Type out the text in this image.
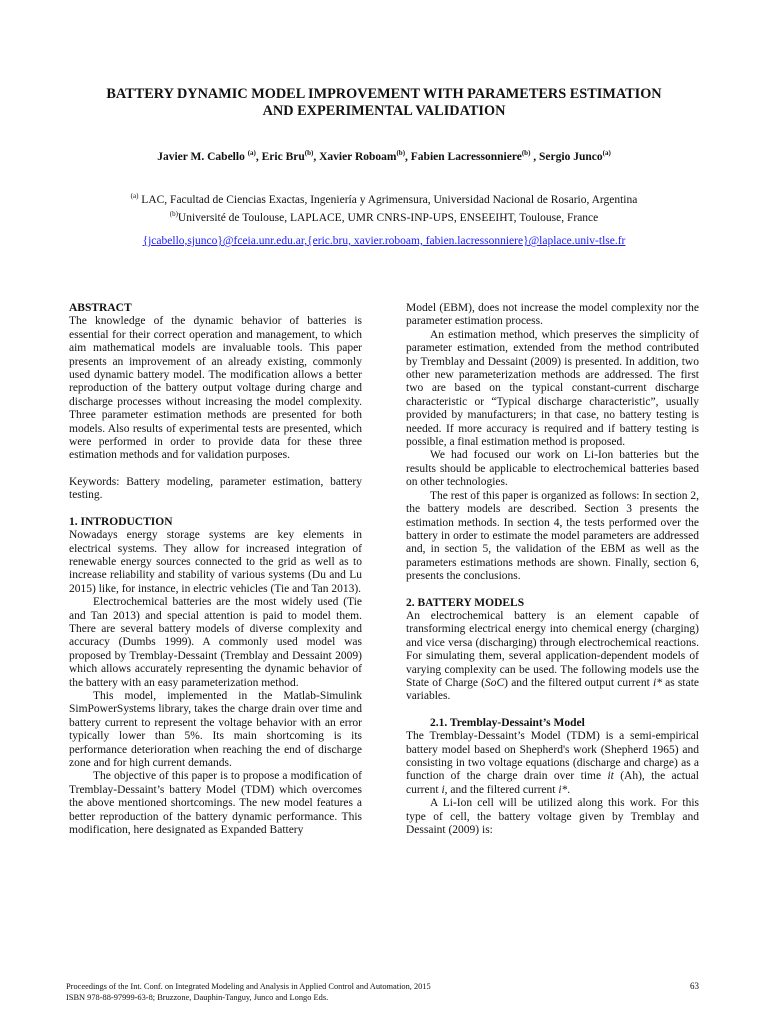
BATTERY DYNAMIC MODEL IMPROVEMENT WITH PARAMETERS ESTIMATION
AND EXPERIMENTAL VALIDATION
Javier M. Cabello $^{(a)}$, Eric Bru$^{(b)}$, Xavier Roboam$^{(b)}$, Fabien Lacressonniere$^{(b)}$ , Sergio Junco$^{(a)}$
$^{(a)}$ LAC, Facultad de Ciencias Exactas, Ingeniería y Agrimensura, Universidad Nacional de Rosario, Argentina
$^{(b)}$Université de Toulouse, LAPLACE, UMR CNRS-INP-UPS, ENSEEIHT, Toulouse, France
{jcabello,sjunco}@fceia.unr.edu.ar,{eric.bru, xavier.roboam, fabien.lacressonniere}@laplace.univ-tlse.fr

ABSTRACT

The knowledge of the dynamic behavior of batteries is essential for their correct operation and management, to which aim mathematical models are invaluable tools. This paper presents an improvement of an already existing, commonly used dynamic battery model. The modification allows a better reproduction of the battery output voltage during charge and discharge processes without increasing the model complexity. Three parameter estimation methods are presented for both models. Also results of experimental tests are presented, which were performed in order to provide data for these three estimation methods and for validation purposes.

Keywords: Battery modeling, parameter estimation, battery testing.

1. INTRODUCTION

Nowadays energy storage systems are key elements in electrical systems. They allow for increased integration of renewable energy sources connected to the grid as well as to increase reliability and stability of various systems (Du and Lu 2015) like, for instance, in electric vehicles (Tie and Tan 2013).

Electrochemical batteries are the most widely used (Tie and Tan 2013) and special attention is paid to model them. There are several battery models of diverse complexity and accuracy (Dumbs 1999). A commonly used model was proposed by Tremblay-Dessaint (Tremblay and Dessaint 2009) which allows accurately representing the dynamic behavior of the battery with an easy parameterization method.

This model, implemented in the Matlab-Simulink SimPowerSystems library, takes the charge drain over time and battery current to represent the voltage behavior with an error typically lower than 5%. Its main shortcoming is its performance deterioration when reaching the end of discharge zone and for high current demands.

The objective of this paper is to propose a modification of Tremblay-Dessaint’s battery Model (TDM) which overcomes the above mentioned shortcomings. The new model features a better reproduction of the battery dynamic performance. This modification, here designated as Expanded Battery

Model (EBM), does not increase the model complexity nor the parameter estimation process.

An estimation method, which preserves the simplicity of parameter estimation, extended from the method contributed by Tremblay and Dessaint (2009) is presented. In addition, two other new parameterization methods are addressed. The first two are based on the typical constant-current discharge characteristic or “Typical discharge characteristic”, usually provided by manufacturers; in that case, no battery testing is needed. If more accuracy is required and if battery testing is possible, a final estimation method is proposed.

We had focused our work on Li-Ion batteries but the results should be applicable to electrochemical batteries based on other technologies.

The rest of this paper is organized as follows: In section 2, the battery models are described. Section 3 presents the estimation methods. In section 4, the tests performed over the battery in order to estimate the model parameters are addressed and, in section 5, the validation of the EBM as well as the parameters estimations methods are shown. Finally, section 6, presents the conclusions.

2. BATTERY MODELS

An electrochemical battery is an element capable of transforming electrical energy into chemical energy (charging) and vice versa (discharging) through electrochemical reactions. For simulating them, several application-dependent models of varying complexity can be used. The following models use the State of Charge (SoC) and the filtered output current i* as state variables.

2.1. Tremblay-Dessaint’s Model

The Tremblay-Dessaint’s Model (TDM) is a semi-empirical battery model based on Shepherd's work (Shepherd 1965) and consisting in two voltage equations (discharge and charge) as a function of the charge drain over time it (Ah), the actual current i, and the filtered current i*.

A Li-Ion cell will be utilized along this work. For this type of cell, the battery voltage given by Tremblay and Dessaint (2009) is:

Proceedings of the Int. Conf. on Integrated Modeling and Analysis in Applied Control and Automation, 2015
ISBN 978-88-97999-63-8; Bruzzone, Dauphin-Tanguy, Junco and Longo Eds.
63
